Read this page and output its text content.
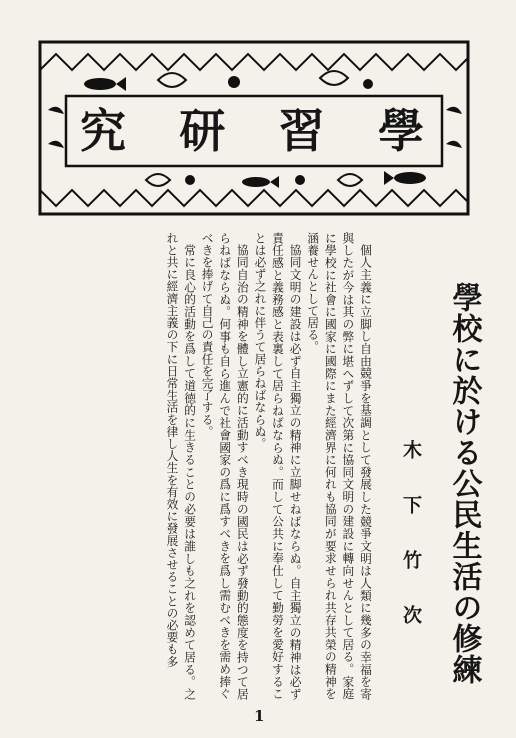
學
習
研
究
學校に於ける公民生活の修練
木下竹次

個人主義に立脚し自由競爭を基調として發展した競爭文明は人類に幾多の幸福を寄與したが今は其の弊に堪へずして次第に協同文明の建設に轉向せんとして居る。家庭に學校に社會に國家に國際にまた經濟界に何れも協同が要求せられ共存共榮の精神を涵養せんとして居る。

協同文明の建設は必ず自主獨立の精神に立脚せねばならぬ。自主獨立の精神は必ず責任感と義務感と表裏して居らねばならぬ。而して公共に奉仕して勤勞を愛好することは必ず之れに伴うて居らねばならぬ。

協同自治の精神を體し立憲的に活動すべき現時の國民は必ず發動的態度を持つて居らねばならぬ。何事も自ら進んで社會國家の爲に爲すべきを爲し需むべきを需め捧ぐべきを捧げて自己の責任を完了する。

常に良心的活動を爲して道徳的に生きることの必要は誰しも之れを認めて居る。之れと共に經濟主義の下に日常生活を律し人生を有效に發展させることの必要も多

1
